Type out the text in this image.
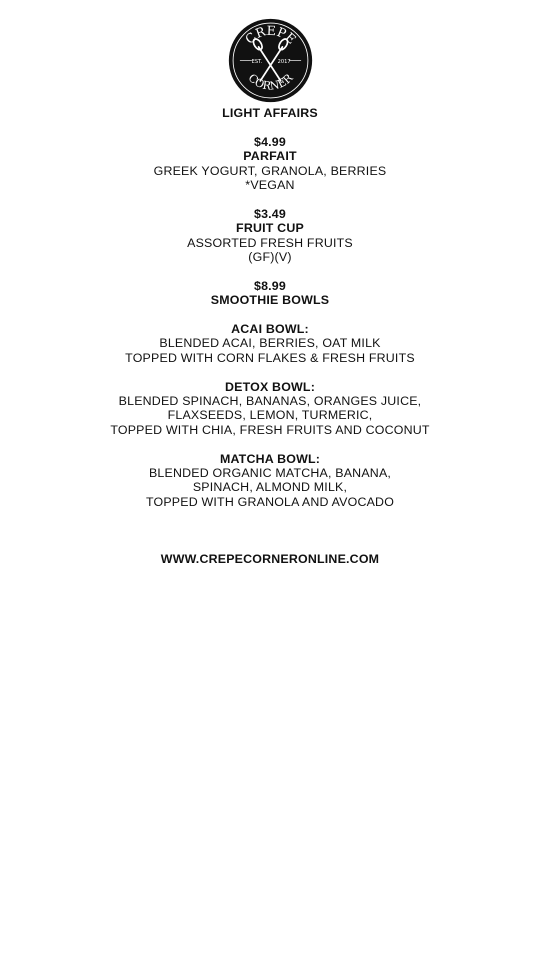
CREPE
CORNER
EST.	2017
LIGHT AFFAIRS
$4.99
PARFAIT
GREEK YOGURT, GRANOLA, BERRIES
*VEGAN
$3.49
FRUIT CUP
ASSORTED FRESH FRUITS
(GF)(V)
$8.99
SMOOTHIE BOWLS
ACAI BOWL:
BLENDED ACAI, BERRIES, OAT MILK
TOPPED WITH CORN FLAKES & FRESH FRUITS
DETOX BOWL:
BLENDED SPINACH, BANANAS, ORANGES JUICE,
FLAXSEEDS, LEMON, TURMERIC,
TOPPED WITH CHIA, FRESH FRUITS AND COCONUT
MATCHA BOWL:
BLENDED ORGANIC MATCHA, BANANA,
SPINACH, ALMOND MILK,
TOPPED WITH GRANOLA AND AVOCADO
WWW.CREPECORNERONLINE.COM
